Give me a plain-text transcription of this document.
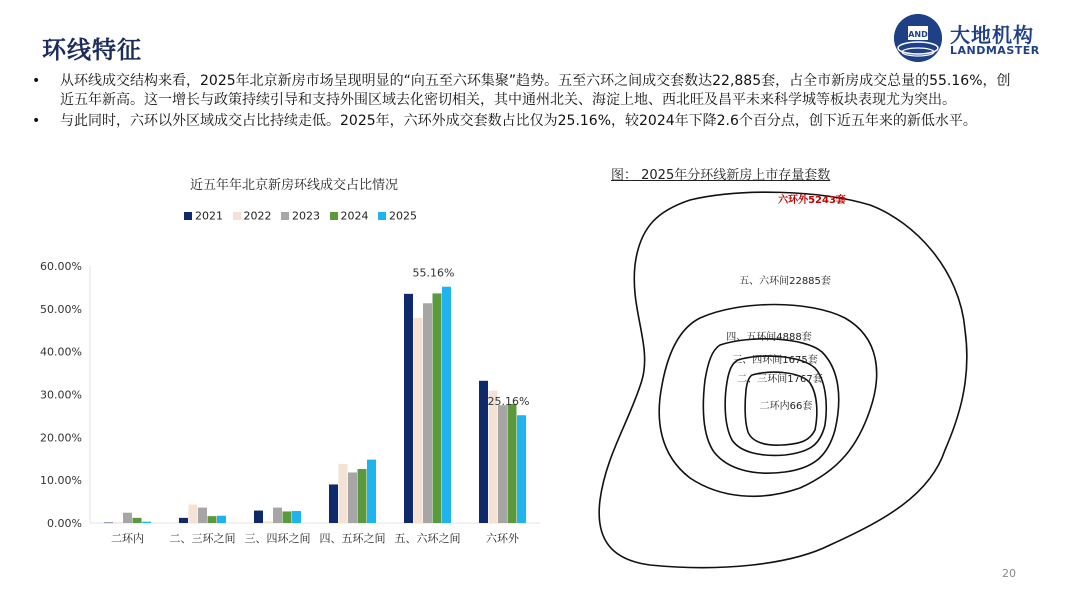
环线特征
AND 大地机构
LANDMASTER
• 从环线成交结构来看，2025年北京新房市场呈现明显的“向五至六环集聚”趋势。五至六环之间成交套数达22,885套，占全市新房成交总量的55.16%，创近五年新高。这一增长与政策持续引导和支持外围区域去化密切相关，其中通州北关、海淀上地、西北旺及昌平未来科学城等板块表现尤为突出。
• 与此同时，六环以外区域成交占比持续走低。2025年，六环外成交套数占比仅为25.16%，较2024年下降2.6个百分点，创下近五年来的新低水平。
近五年年北京新房环线成交占比情况
2021 2022 2023 2024 2025
0.00%
10.00%
20.00%
30.00%
40.00%
50.00%
60.00%
二环内 二、三环之间 三、四环之间 四、五环之间 五、六环之间 六环外
55.16%
25.16%
图： 2025年分环线新房上市存量套数
六环外5243套
五、六环间22885套
四、五环间4888套
三、四环间1675套
二、三环间1767套
二环内66套
20
